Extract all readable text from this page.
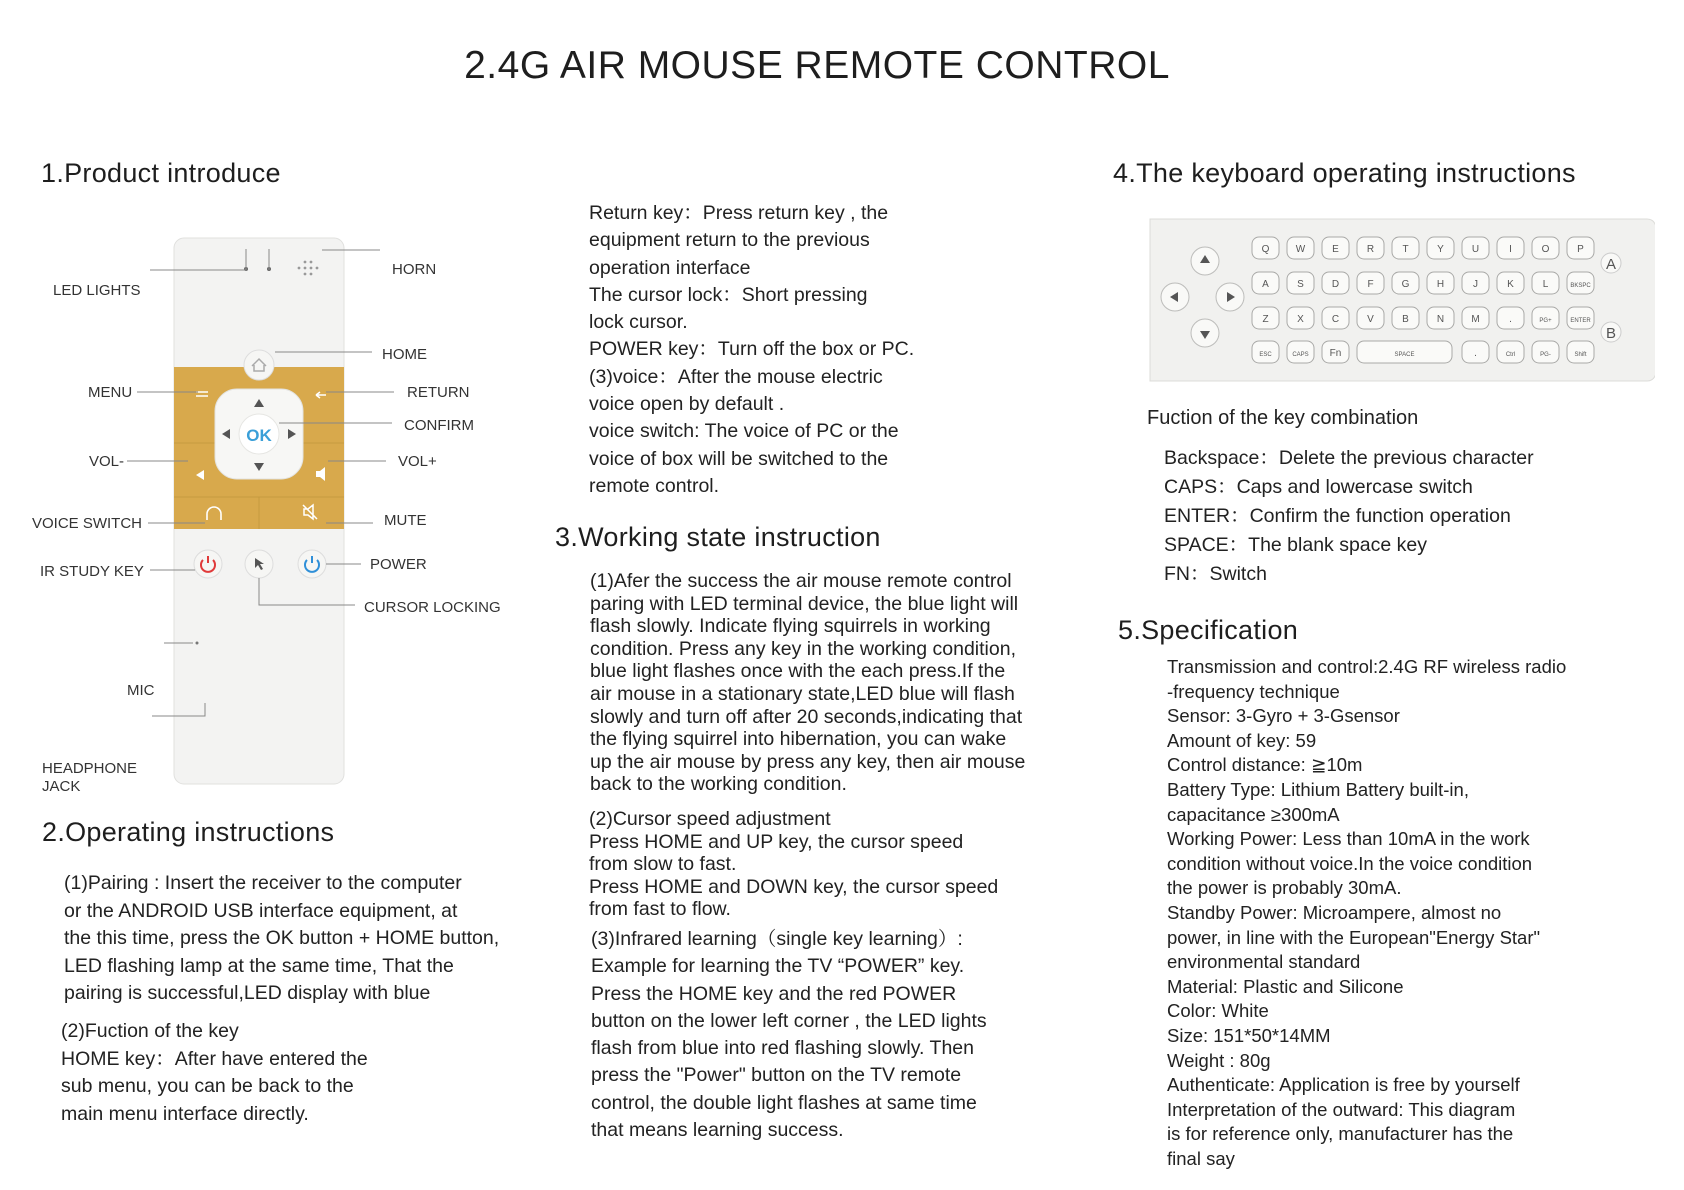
2.4G AIR MOUSE REMOTE CONTROL
1.Product introduce
OK
LED LIGHTS
HORN
HOME
MENU	RETURN
CONFIRM
VOL-	VOL+
VOICE SWITCH	MUTE
IR STUDY KEY	POWER
CURSOR LOCKING
MIC
HEADPHONE
JACK
2.Operating instructions
(1)Pairing : Insert the receiver to the computer
or the ANDROID USB interface equipment, at
the this time, press the OK button + HOME button,
LED flashing lamp at the same time, That the
pairing is successful,LED display with blue
(2)Fuction of the key
HOME key：After have entered the
sub menu, you can be back to the
main menu interface directly.
Return key：Press return key , the
equipment return to the previous
operation interface
The cursor lock：Short pressing
lock cursor.
POWER key：Turn off the box or PC.
(3)voice：After the mouse electric
voice open by default .
voice switch: The voice of PC or the
voice of box will be switched to the
remote control.
3.Working state instruction
(1)Afer the success the air mouse remote control
paring with LED terminal device, the blue light will
flash slowly. Indicate flying squirrels in working
condition. Press any key in the working condition,
blue light flashes once with the each press.If the
air mouse in a stationary state,LED blue will flash
slowly and turn off after 20 seconds,indicating that
the flying squirrel into hibernation, you can wake
up the air mouse by press any key, then air mouse
back to the working condition.
(2)Cursor speed adjustment
Press HOME and UP key, the cursor speed
from slow to fast.
Press HOME and DOWN key, the cursor speed
from fast to flow.
(3)Infrared learning（single key learning）:
Example for learning the TV “POWER” key.
Press the HOME key and the red POWER
button on the lower left corner , the LED lights
flash from blue into red flashing slowly. Then
press the "Power" button on the TV remote
control, the double light flashes at same time
that means learning success.
4.The keyboard operating instructions
Q	W	E	R	T	Y	U	I	O	P
A	S	D	F	G	H	J	K	L	BKSPC
Z	X	C	V	B	N	M	.	PG+	ENTER
ESC	CAPS Fn	SPACE	.	Ctrl	PG-	Shift
A
B
Fuction of the key combination
Backspace：Delete the previous character
CAPS：Caps and lowercase switch
ENTER：Confirm the function operation
SPACE：The blank space key
FN：Switch
5.Specification
Transmission and control:2.4G RF wireless radio
-frequency technique
Sensor: 3-Gyro + 3-Gsensor
Amount of key: 59
Control distance: ≧10m
Battery Type: Lithium Battery built-in,
capacitance ≥300mA
Working Power: Less than 10mA in the work
condition without voice.In the voice condition
the power is probably 30mA.
Standby Power: Microampere, almost no
power, in line with the European"Energy Star"
environmental standard
Material: Plastic and Silicone
Color: White
Size: 151*50*14MM
Weight : 80g
Authenticate: Application is free by yourself
Interpretation of the outward: This diagram
is for reference only, manufacturer has the
final say
